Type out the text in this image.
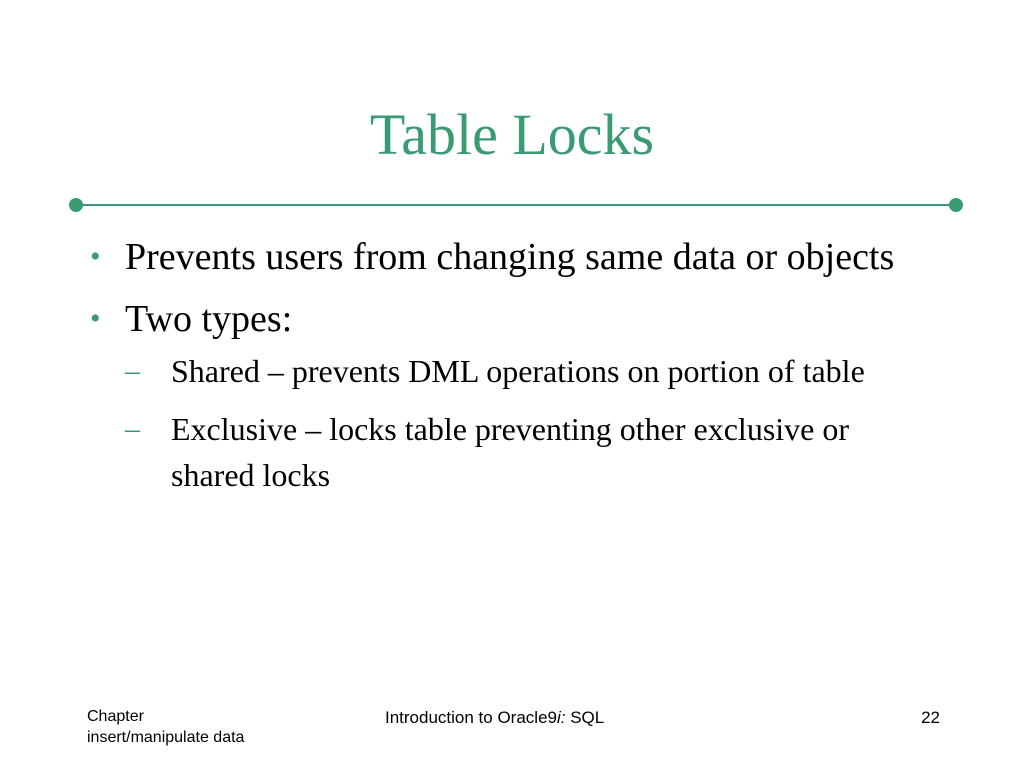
Table Locks
• Prevents users from changing same data or objects
• Two types:
– Shared – prevents DML operations on portion of table
– Exclusive – locks table preventing other exclusive or shared locks
Chapter
insert/manipulate data
Introduction to Oracle9i: SQL	22
